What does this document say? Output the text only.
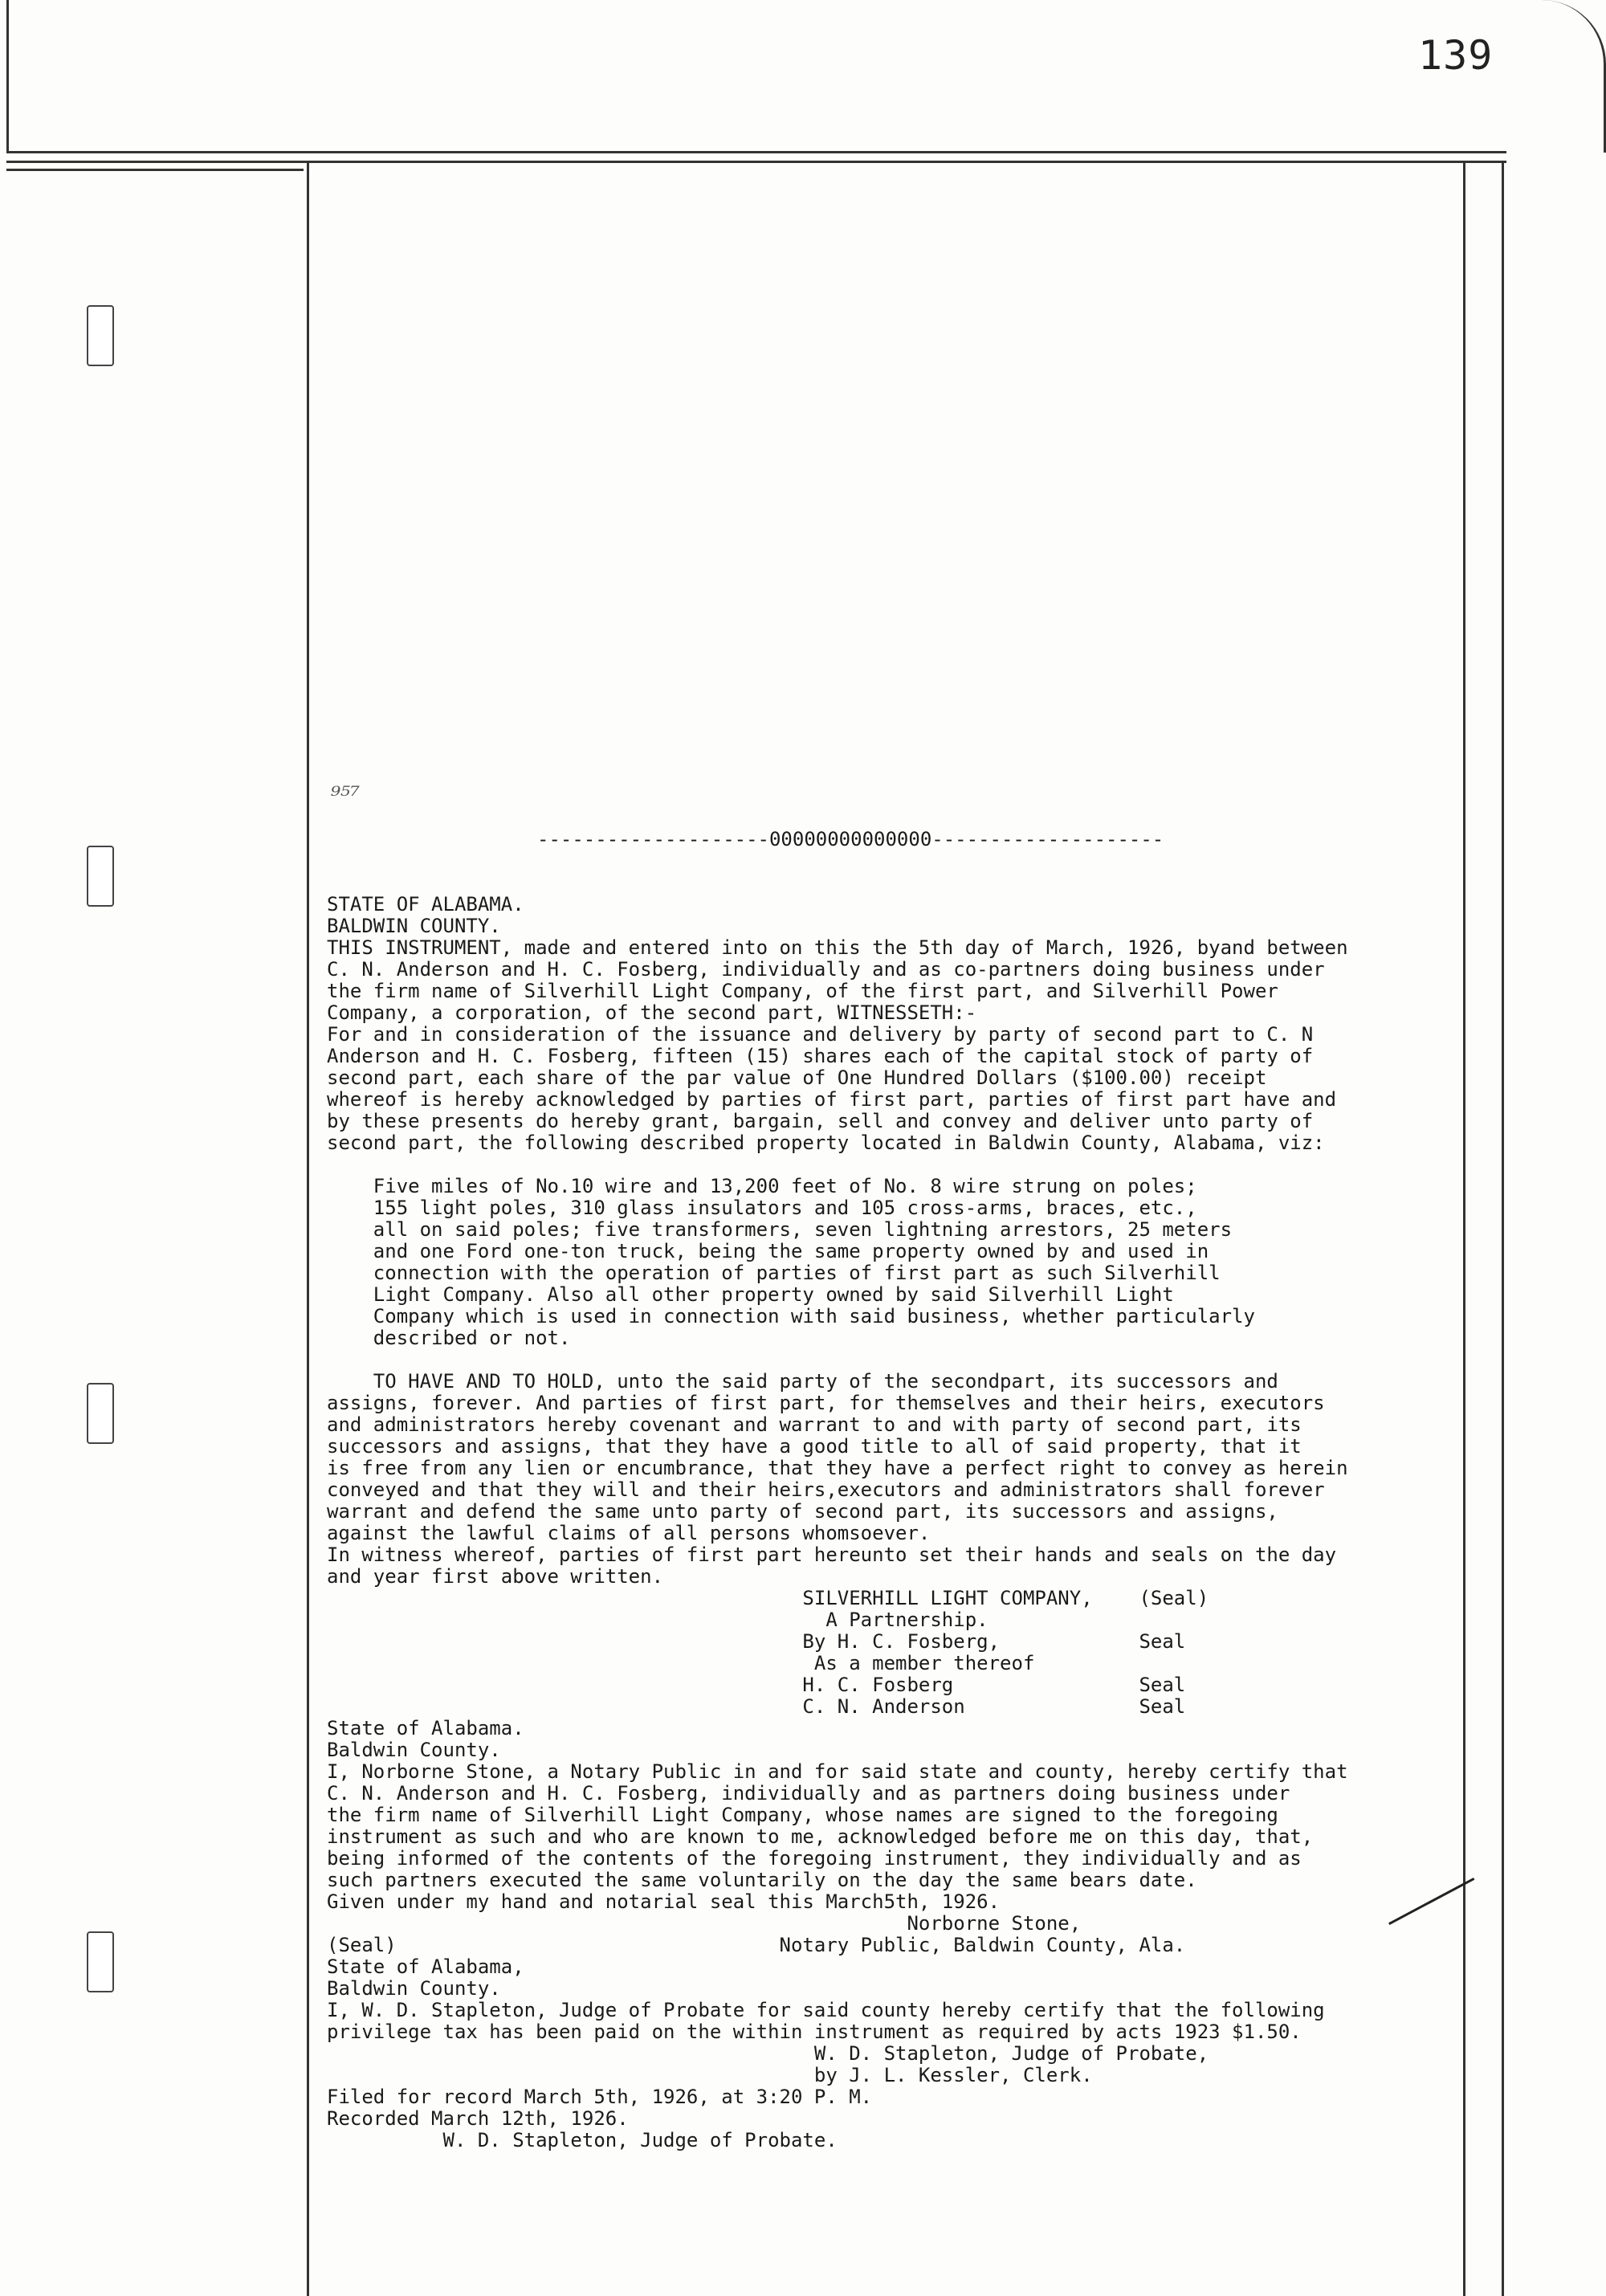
139
⁹⁵⁷

--------------------00000000000000--------------------

STATE OF ALABAMA.
BALDWIN COUNTY.
THIS INSTRUMENT, made and entered into on this the 5th day of March, 1926, byand between
C. N. Anderson and H. C. Fosberg, individually and as co-partners doing business under
the firm name of Silverhill Light Company, of the first part, and Silverhill Power
Company, a corporation, of the second part, WITNESSETH:-
For and in consideration of the issuance and delivery by party of second part to C. N
Anderson and H. C. Fosberg, fifteen (15) shares each of the capital stock of party of
second part, each share of the par value of One Hundred Dollars ($100.00) receipt
whereof is hereby acknowledged by parties of first part, parties of first part have and
by these presents do hereby grant, bargain, sell and convey and deliver unto party of
second part, the following described property located in Baldwin County, Alabama, viz:
Five miles of No.10 wire and 13,200 feet of No. 8 wire strung on poles;
155 light poles, 310 glass insulators and 105 cross-arms, braces, etc.,
all on said poles; five transformers, seven lightning arrestors, 25 meters
and one Ford one-ton truck, being the same property owned by and used in
connection with the operation of parties of first part as such Silverhill
Light Company. Also all other property owned by said Silverhill Light
Company which is used in connection with said business, whether particularly
described or not.
TO HAVE AND TO HOLD, unto the said party of the secondpart, its successors and
assigns, forever. And parties of first part, for themselves and their heirs, executors
and administrators hereby covenant and warrant to and with party of second part, its
successors and assigns, that they have a good title to all of said property, that it
is free from any lien or encumbrance, that they have a perfect right to convey as herein
conveyed and that they will and their heirs,executors and administrators shall forever
warrant and defend the same unto party of second part, its successors and assigns,
against the lawful claims of all persons whomsoever.
In witness whereof, parties of first part hereunto set their hands and seals on the day
and year first above written.
SILVERHILL LIGHT COMPANY,    (Seal)
A Partnership.
By H. C. Fosberg,            Seal
As a member thereof
H. C. Fosberg                Seal
C. N. Anderson               Seal
State of Alabama.
Baldwin County.
I, Norborne Stone, a Notary Public in and for said state and county, hereby certify that
C. N. Anderson and H. C. Fosberg, individually and as partners doing business under
the firm name of Silverhill Light Company, whose names are signed to the foregoing
instrument as such and who are known to me, acknowledged before me on this day, that,
being informed of the contents of the foregoing instrument, they individually and as
such partners executed the same voluntarily on the day the same bears date.
Given under my hand and notarial seal this March5th, 1926.
Norborne Stone,
(Seal)                                 Notary Public, Baldwin County, Ala.
State of Alabama,
Baldwin County.
I, W. D. Stapleton, Judge of Probate for said county hereby certify that the following
privilege tax has been paid on the within instrument as required by acts 1923 $1.50.
W. D. Stapleton, Judge of Probate,
by J. L. Kessler, Clerk.
Filed for record March 5th, 1926, at 3:20 P. M.
Recorded March 12th, 1926.
W. D. Stapleton, Judge of Probate.
